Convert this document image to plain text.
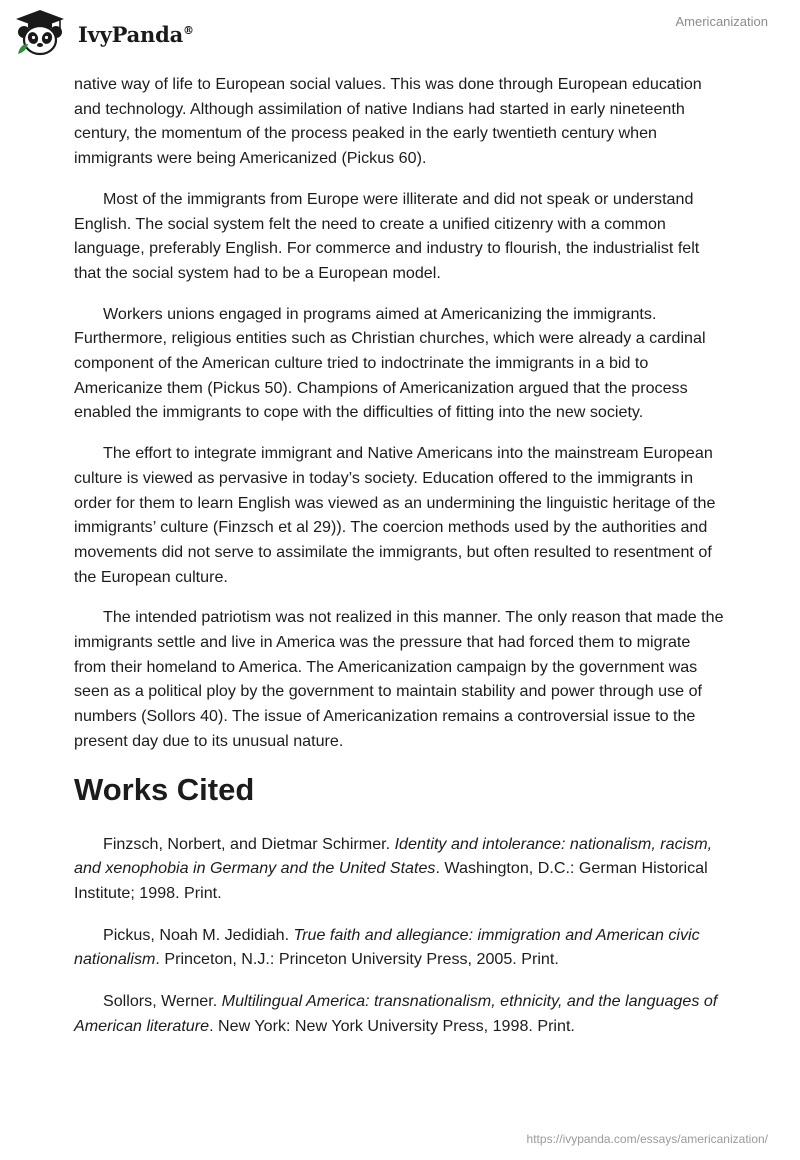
IvyPanda®
Americanization

native way of life to European social values. This was done through European education and technology. Although assimilation of native Indians had started in early nineteenth century, the momentum of the process peaked in the early twentieth century when immigrants were being Americanized (Pickus 60).

Most of the immigrants from Europe were illiterate and did not speak or understand English. The social system felt the need to create a unified citizenry with a common language, preferably English. For commerce and industry to flourish, the industrialist felt that the social system had to be a European model.

Workers unions engaged in programs aimed at Americanizing the immigrants. Furthermore, religious entities such as Christian churches, which were already a cardinal component of the American culture tried to indoctrinate the immigrants in a bid to Americanize them (Pickus 50). Champions of Americanization argued that the process enabled the immigrants to cope with the difficulties of fitting into the new society.

The effort to integrate immigrant and Native Americans into the mainstream European culture is viewed as pervasive in today’s society. Education offered to the immigrants in order for them to learn English was viewed as an undermining the linguistic heritage of the immigrants’ culture (Finzsch et al 29)). The coercion methods used by the authorities and movements did not serve to assimilate the immigrants, but often resulted to resentment of the European culture.

The intended patriotism was not realized in this manner. The only reason that made the immigrants settle and live in America was the pressure that had forced them to migrate from their homeland to America. The Americanization campaign by the government was seen as a political ploy by the government to maintain stability and power through use of numbers (Sollors 40). The issue of Americanization remains a controversial issue to the present day due to its unusual nature.

Works Cited
Finzsch, Norbert, and Dietmar Schirmer. Identity and intolerance: nationalism, racism, and xenophobia in Germany and the United States. Washington, D.C.: German Historical Institute; 1998. Print.
Pickus, Noah M. Jedidiah. True faith and allegiance: immigration and American civic nationalism. Princeton, N.J.: Princeton University Press, 2005. Print.
Sollors, Werner. Multilingual America: transnationalism, ethnicity, and the languages of American literature. New York: New York University Press, 1998. Print.
https://ivypanda.com/essays/americanization/
